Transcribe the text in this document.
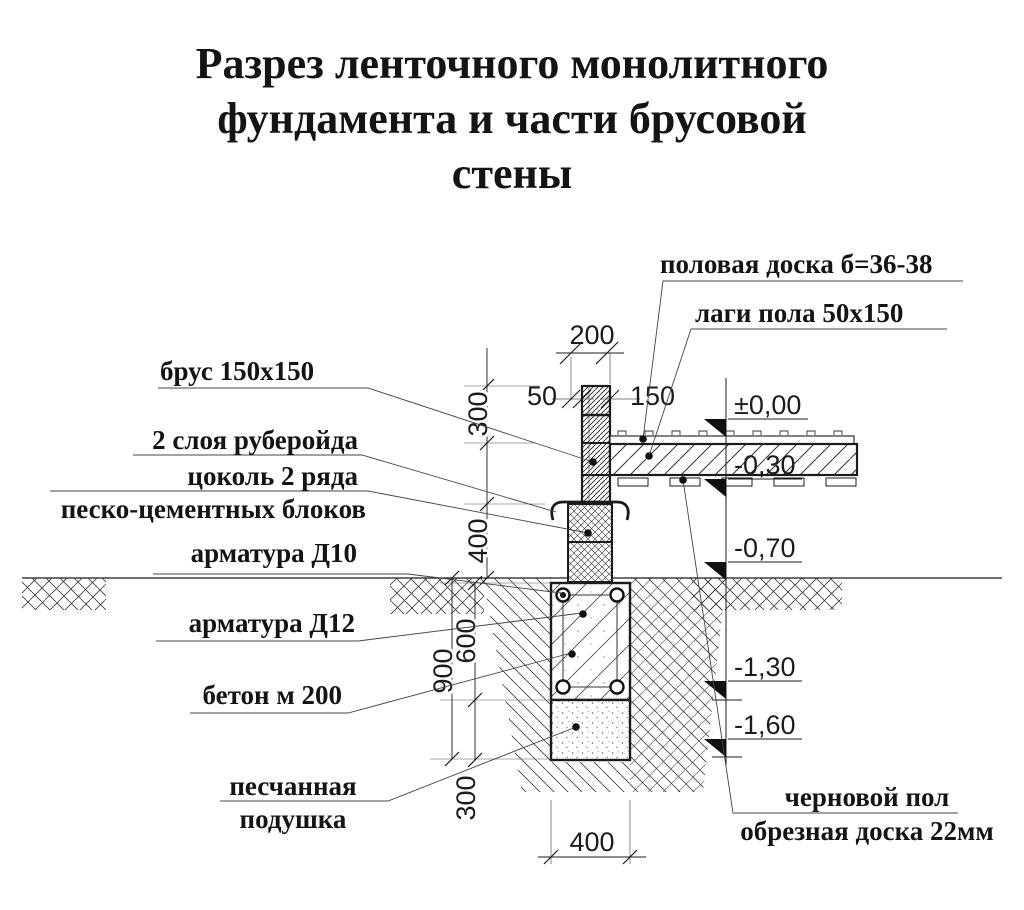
Разрез ленточного монолитного
фундамента и части брусовой
стены
±0,00
-0,30
-0,70
-1,30
-1,60
200
50	150
300
400
600
900
300
400
половая доска б=36-38
лаги пола 50х150
брус 150х150
2 слоя руберойда
цоколь 2 ряда
песко-цементных блоков
арматура Д10
арматура Д12
бетон м 200
песчанная
подушка
черновой пол
обрезная доска 22мм
